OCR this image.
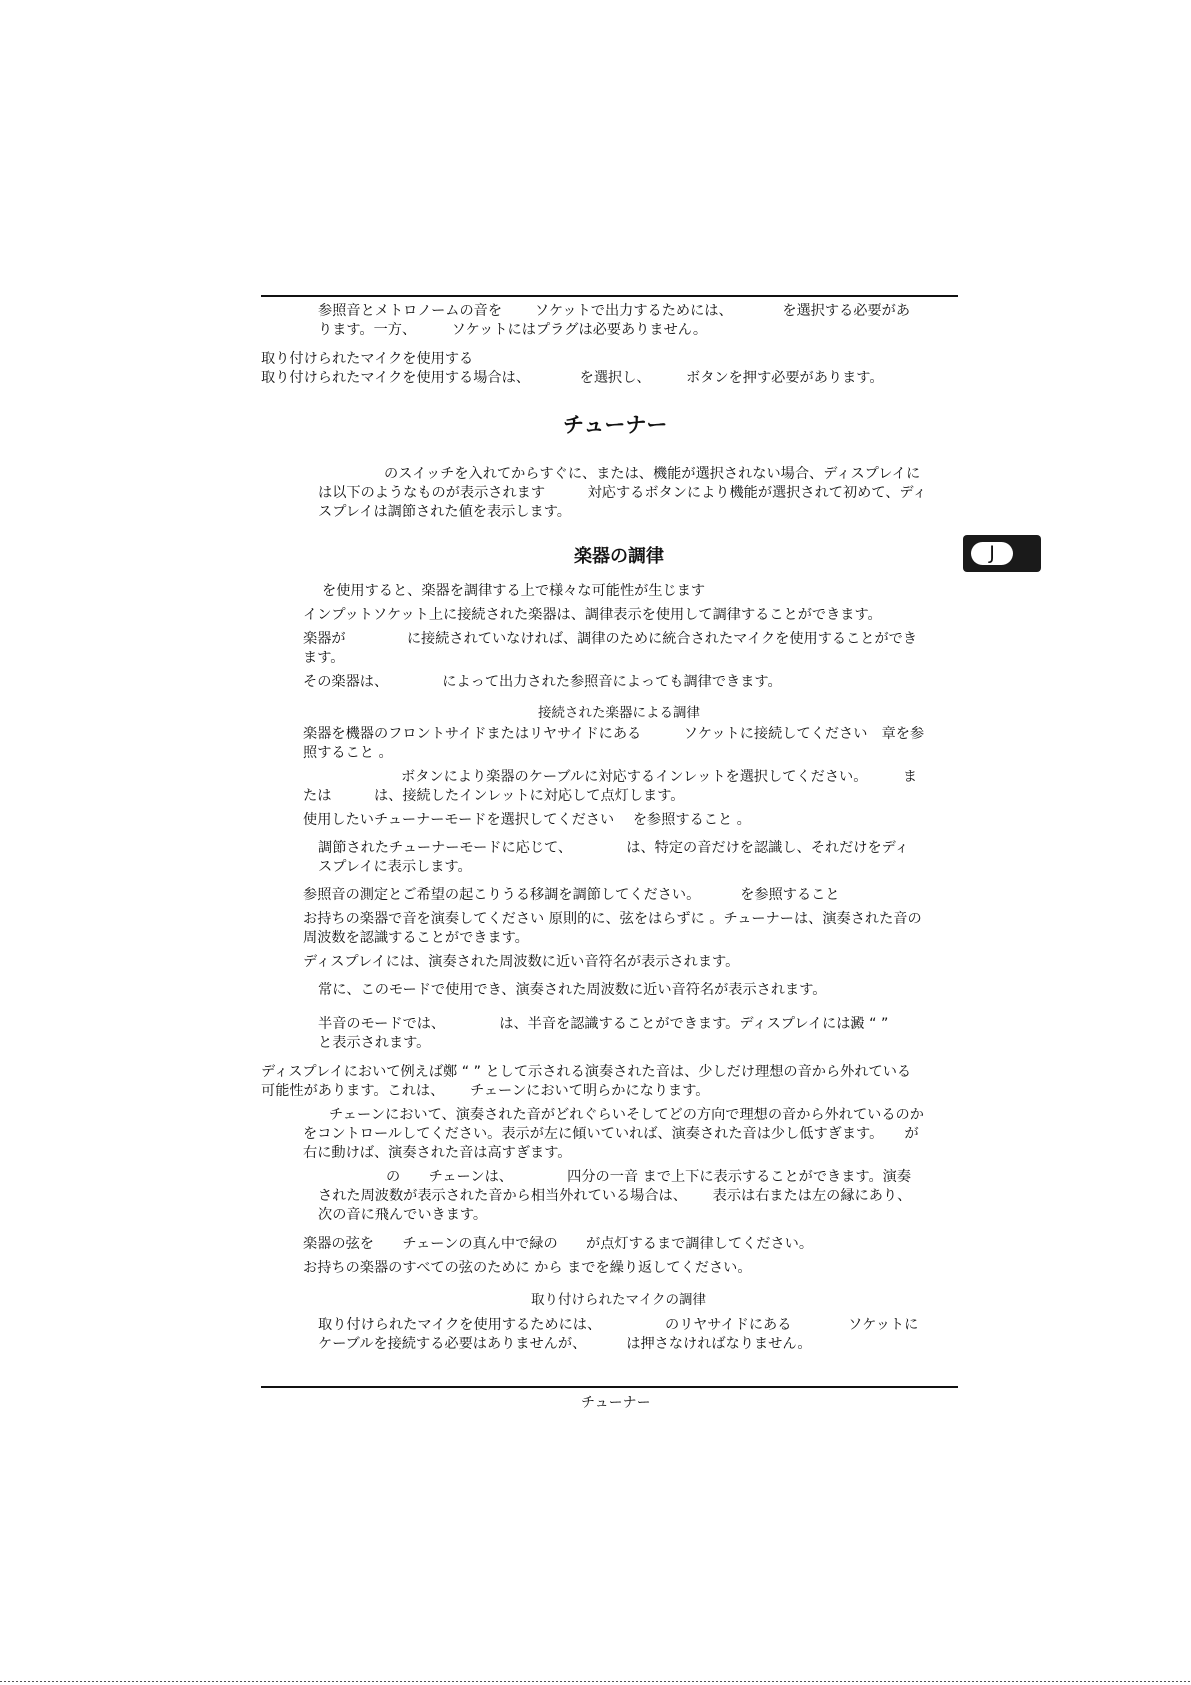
参照音とメトロノームの音を　　 ソケットで出力するためには、　　　　を選択する必要があ
ります。一方、　　　ソケットにはプラグは必要ありません。
取り付けられたマイクを使用する
取り付けられたマイクを使用する場合は、　　　　を選択し、　　　ボタンを押す必要があります。
チューナー
のスイッチを入れてからすぐに、または、機能が選択されない場合、ディスプレイに
は以下のようなものが表示されます　　　対応するボタンにより機能が選択されて初めて、ディ
スプレイは調節された値を表示します。
楽器の調律	J
を使用すると、楽器を調律する上で様々な可能性が生じます
インプットソケット上に接続された楽器は、調律表示を使用して調律することができます。
楽器が　　　　 に接続されていなければ、調律のために統合されたマイクを使用することができ
ます。
その楽器は、　　　　 によって出力された参照音によっても調律できます。
接続された楽器による調律
楽器を機器のフロントサイドまたはリヤサイドにある　　　ソケットに接続してください　章を参
照すること 。
ボタンにより楽器のケーブルに対応するインレットを選択してください。　　　ま
たは　　　は、接続したインレットに対応して点灯します。
使用したいチューナーモードを選択してください　 を参照すること 。
調節されたチューナーモードに応じて、　　　　 は、特定の音だけを認識し、それだけをディ
スプレイに表示します。
参照音の測定とご希望の起こりうる移調を調節してください。　　　 を参照すること
お持ちの楽器で音を演奏してください 原則的に、弦をはらずに 。チューナーは、演奏された音の
周波数を認識することができます。
ディスプレイには、演奏された周波数に近い音符名が表示されます。
常に、このモードで使用でき、演奏された周波数に近い音符名が表示されます。
半音のモードでは、　　　　 は、半音を認識することができます。ディスプレイには澱 “ ”
と表示されます。
ディスプレイにおいて例えば鄭 “ ” として示される演奏された音は、少しだけ理想の音から外れている
可能性があります。これは、　　 チェーンにおいて明らかになります。
チェーンにおいて、演奏された音がどれぐらいそしてどの方向で理想の音から外れているのか
をコントロールしてください。表示が左に傾いていれば、演奏された音は少し低すぎます。　　が
右に動けば、演奏された音は高すぎます。
の　　チェーンは、　　　　 四分の一音 まで上下に表示することができます。演奏
された周波数が表示された音から相当外れている場合は、　　 表示は右または左の縁にあり、
次の音に飛んでいきます。
楽器の弦を　　チェーンの真ん中で緑の　　が点灯するまで調律してください。
お持ちの楽器のすべての弦のために から までを繰り返してください。
取り付けられたマイクの調律
取り付けられたマイクを使用するためには、　　　　　のリヤサイドにある　　　　ソケットに
ケーブルを接続する必要はありませんが、　　　 は押さなければなりません。
チューナー
